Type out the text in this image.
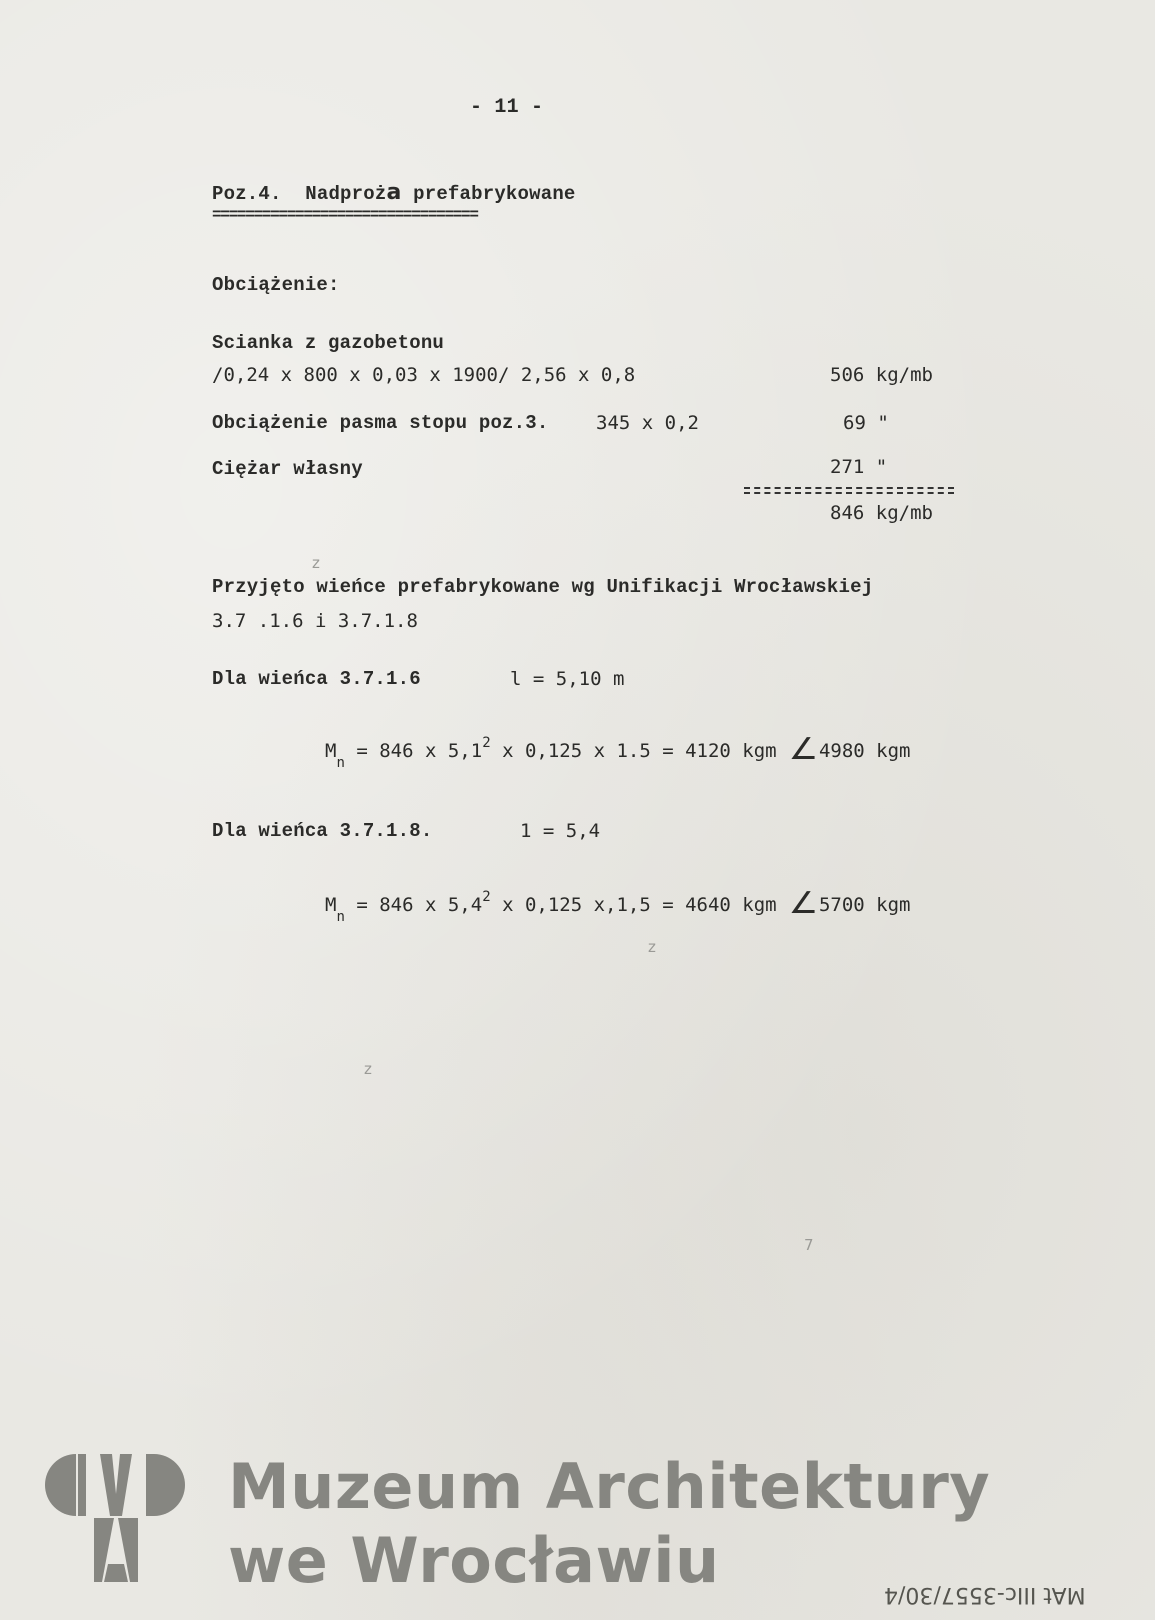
- 11 -
Poz.4. Nadproża prefabrykowane
================================
Obciążenie:
Scianka z gazobetonu
/0,24 x 800 x 0,03 x 1900/ 2,56 x 0,8	506 kg/mb
Obciążenie pasma stopu poz.3.	345 x 0,2	69 "
Ciężar własny	271 "
846 kg/mb
z
Przyjęto wieńce prefabrykowane wg Unifikacji Wrocławskiej
3.7 .1.6 i 3.7.1.8
Dla wieńca 3.7.1.6	l = 5,10 m
$M_n = 846$ x $5,1^2$ x 0,125 x 1.5 = 4120 kgm ∠4980 kgm
Dla wieńca 3.7.1.8.	1 = 5,4
$M_n = 846$ x $5,4^2$ x 0,125 x,1,5 = 4640 kgm ∠5700 kgm
z
z
7
Muzeum Architektury
we Wrocławiu	MAt IIIc-3557/30/4
